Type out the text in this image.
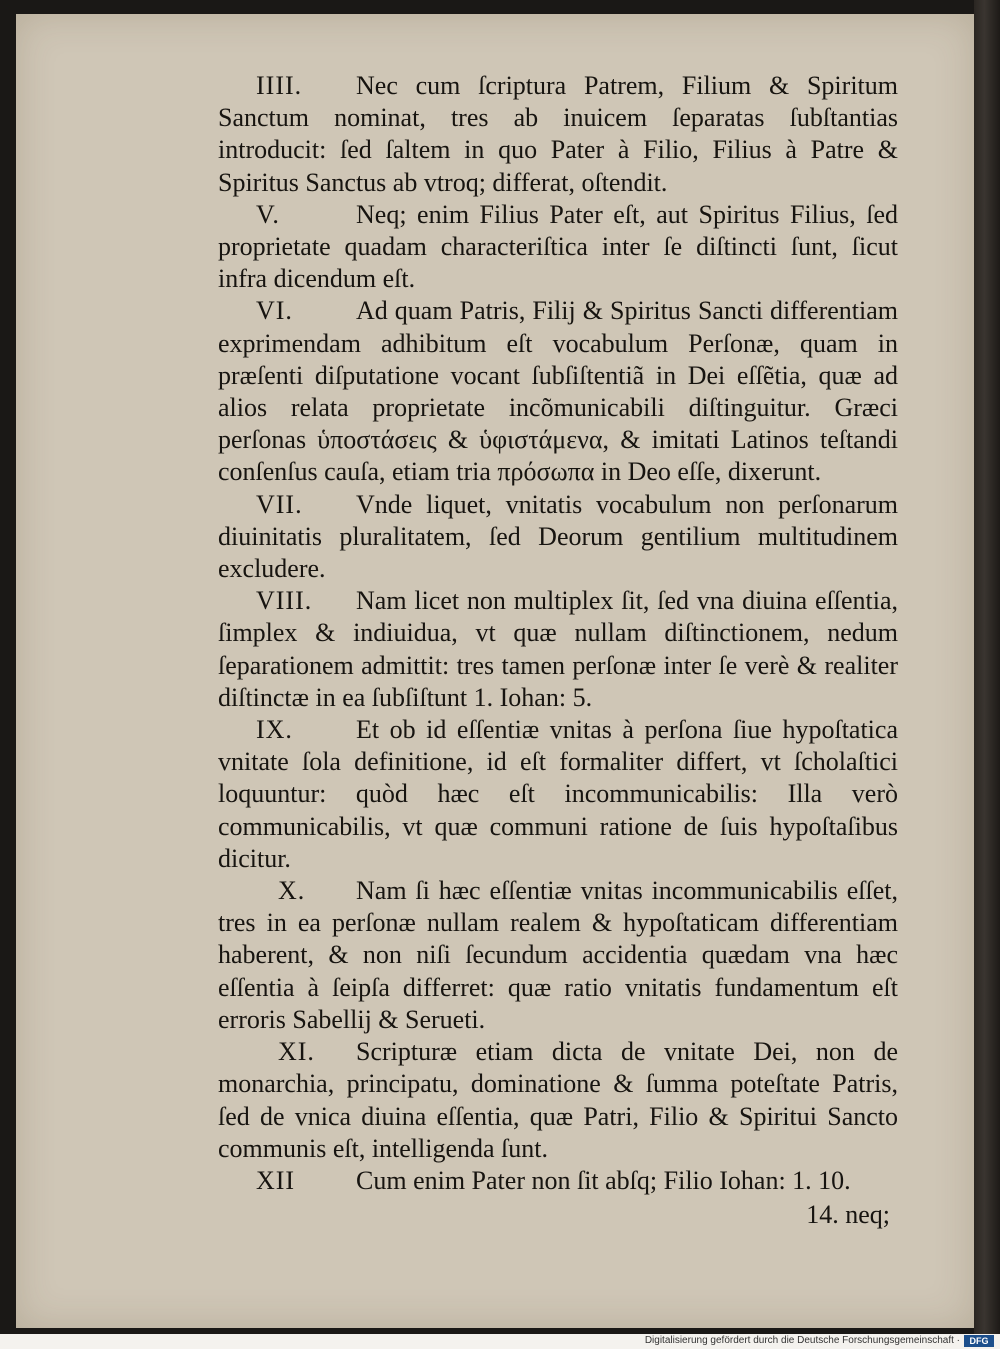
IIII. Nec cum ſcriptura Patrem, Filium & Spiritum Sanctum nominat, tres ab inuicem ſeparatas ſubſtantias introducit: ſed ſaltem in quo Pater à Filio, Filius à Patre & Spiritus Sanctus ab vtroq; differat, oſtendit.

V.	Neq; enim Filius Pater eſt, aut Spiritus Filius, ſed proprietate quadam characteriſtica inter ſe diſtincti ſunt, ſicut infra dicendum eſt.

VI. Ad quam Patris, Filij & Spiritus Sancti differentiam exprimendam adhibitum eſt vocabulum Perſonæ, quam in præſenti diſputatione vocant ſubſiſtentiã in Dei eſſẽtia, quæ ad alios relata proprietate incõmunicabili diſtinguitur. Græci perſonas ὑποστάσεις & ὑφιστάμενα, & imitati Latinos teſtandi conſenſus cauſa, etiam tria πρόσωπα in Deo eſſe, dixerunt.

VII. Vnde liquet, vnitatis vocabulum non perſonarum diuinitatis pluralitatem, ſed Deorum gentilium multitudinem excludere.

VIII. Nam licet non multiplex ſit, ſed vna diuina eſſentia, ſimplex & indiuidua, vt quæ nullam diſtinctionem, nedum ſeparationem admittit: tres tamen perſonæ inter ſe verè & realiter diſtinctæ in ea ſubſiſtunt 1. Iohan: 5.

IX. Et ob id eſſentiæ vnitas à perſona ſiue hypoſtatica vnitate ſola definitione, id eſt formaliter differt, vt ſcholaſtici loquuntur: quòd hæc eſt incommunicabilis: Illa verò communicabilis, vt quæ communi ratione de ſuis hypoſtaſibus dicitur.

X. Nam ſi hæc eſſentiæ vnitas incommunicabilis eſſet, tres in ea perſonæ nullam realem & hypoſtaticam differentiam haberent, & non niſi ſecundum accidentia quædam vna hæc eſſentia à ſeipſa differret: quæ ratio vnitatis fundamentum eſt erroris Sabellij & Serueti.

XI. Scripturæ etiam dicta de vnitate Dei, non de monarchia, principatu, dominatione & ſumma poteſtate Patris, ſed de vnica diuina eſſentia, quæ Patri, Filio & Spiritui Sancto communis eſt, intelligenda ſunt.

XII Cum enim Pater non ſit abſq; Filio Iohan: 1. 10.

14. neq;
Digitalisierung gefördert durch die Deutsche Forschungsgemeinschaft ·	DFG
